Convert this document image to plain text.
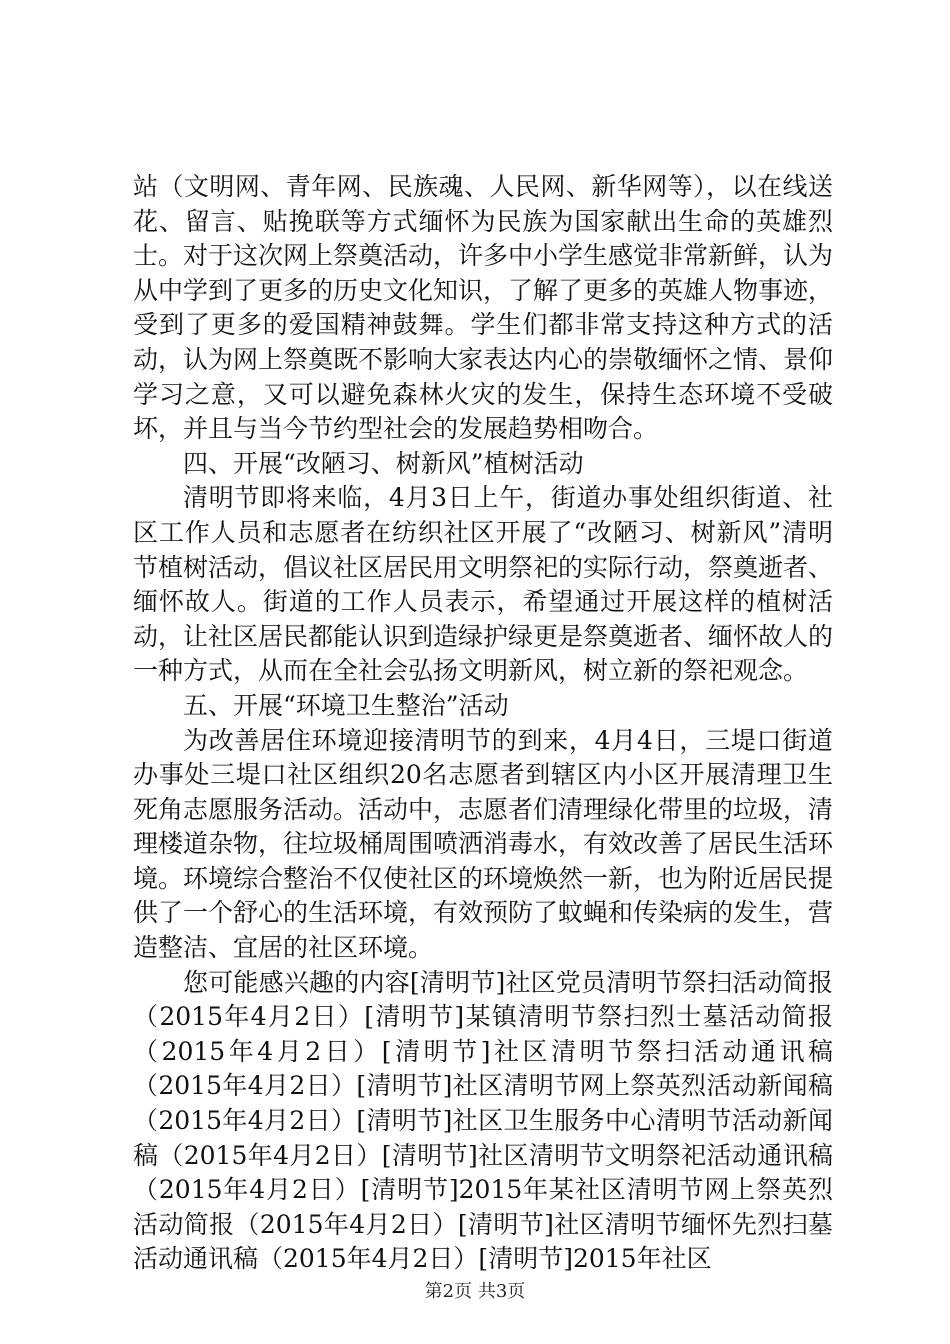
站（文明网、青年网、民族魂、人民网、新华网等），以在线送花、留言、贴挽联等方式缅怀为民族为国家献出生命的英雄烈士。对于这次网上祭奠活动，许多中小学生感觉非常新鲜，认为从中学到了更多的历史文化知识，了解了更多的英雄人物事迹，受到了更多的爱国精神鼓舞。学生们都非常支持这种方式的活动，认为网上祭奠既不影响大家表达内心的崇敬缅怀之情、景仰学习之意，又可以避免森林火灾的发生，保持生态环境不受破坏，并且与当今节约型社会的发展趋势相吻合。

四、开展“改陋习、树新风”植树活动

清明节即将来临，4月3日上午，街道办事处组织街道、社区工作人员和志愿者在纺织社区开展了“改陋习、树新风”清明节植树活动，倡议社区居民用文明祭祀的实际行动，祭奠逝者、缅怀故人。街道的工作人员表示，希望通过开展这样的植树活动，让社区居民都能认识到造绿护绿更是祭奠逝者、缅怀故人的一种方式，从而在全社会弘扬文明新风，树立新的祭祀观念。

五、开展“环境卫生整治”活动

为改善居住环境迎接清明节的到来，4月4日，三堤口街道办事处三堤口社区组织20名志愿者到辖区内小区开展清理卫生死角志愿服务活动。活动中，志愿者们清理绿化带里的垃圾，清理楼道杂物，往垃圾桶周围喷洒消毒水，有效改善了居民生活环境。环境综合整治不仅使社区的环境焕然一新，也为附近居民提供了一个舒心的生活环境，有效预防了蚊蝇和传染病的发生，营造整洁、宜居的社区环境。

您可能感兴趣的内容[清明节]社区党员清明节祭扫活动简报（2015年4月2日）[清明节]某镇清明节祭扫烈士墓活动简报（2015年4月2日）[清明节]社区清明节祭扫活动通讯稿（2015年4月2日）[清明节]社区清明节网上祭英烈活动新闻稿（2015年4月2日）[清明节]社区卫生服务中心清明节活动新闻稿（2015年4月2日）[清明节]社区清明节文明祭祀活动通讯稿（2015年4月2日）[清明节]2015年某社区清明节网上祭英烈活动简报（2015年4月2日）[清明节]社区清明节缅怀先烈扫墓活动通讯稿（2015年4月2日）[清明节]2015年社区

第2页 共3页
